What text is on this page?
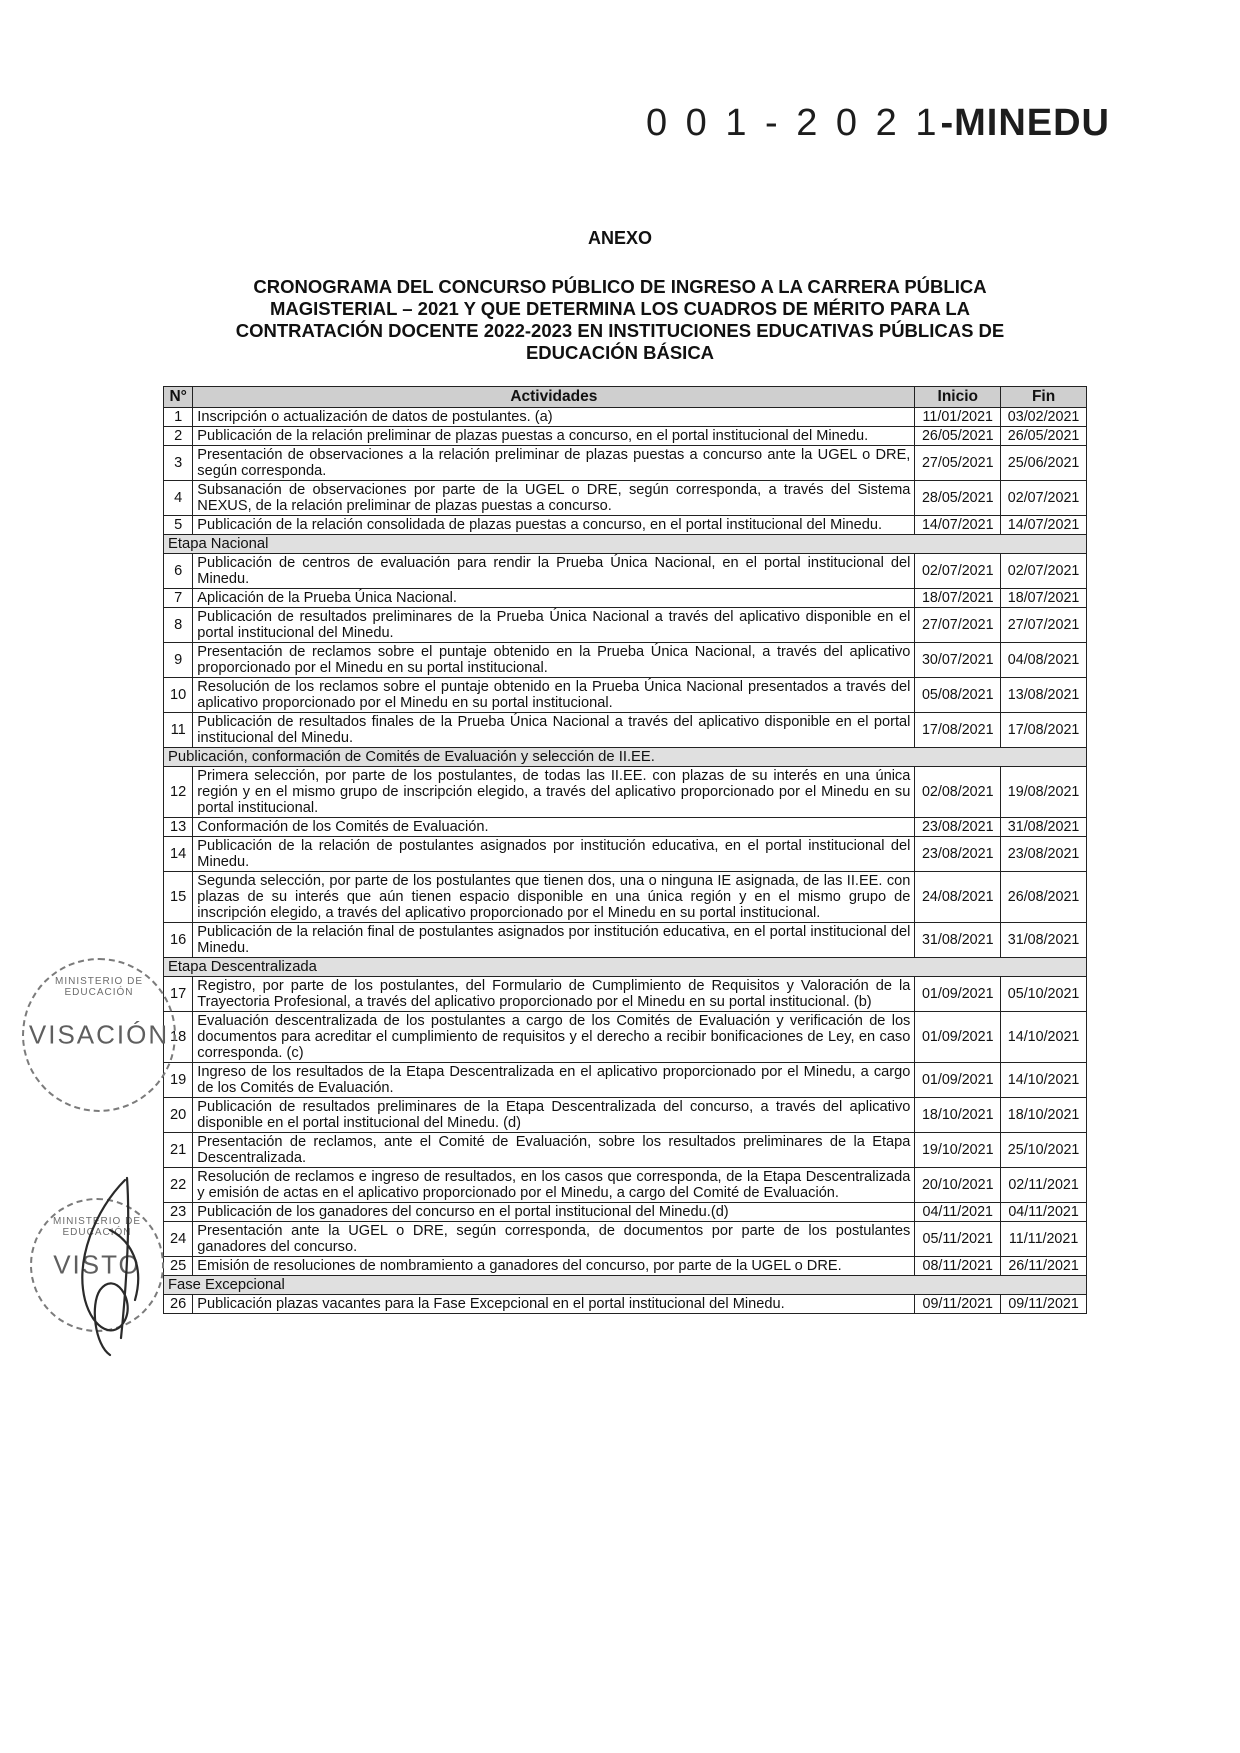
0 0 1 - 2 0 2 1-MINEDU
ANEXO
CRONOGRAMA DEL CONCURSO PÚBLICO DE INGRESO A LA CARRERA PÚBLICA MAGISTERIAL – 2021 Y QUE DETERMINA LOS CUADROS DE MÉRITO PARA LA CONTRATACIÓN DOCENTE 2022-2023 EN INSTITUCIONES EDUCATIVAS PÚBLICAS DE EDUCACIÓN BÁSICA
N°	Actividades	Inicio	Fin
1	Inscripción o actualización de datos de postulantes. (a)	11/01/2021	03/02/2021
2	Publicación de la relación preliminar de plazas puestas a concurso, en el portal institucional del Minedu.	26/05/2021	26/05/2021
3	Presentación de observaciones a la relación preliminar de plazas puestas a concurso ante la UGEL o DRE, según corresponda.	27/05/2021	25/06/2021
4	Subsanación de observaciones por parte de la UGEL o DRE, según corresponda, a través del Sistema NEXUS, de la relación preliminar de plazas puestas a concurso.	28/05/2021	02/07/2021
5	Publicación de la relación consolidada de plazas puestas a concurso, en el portal institucional del Minedu.	14/07/2021	14/07/2021
Etapa Nacional			
6	Publicación de centros de evaluación para rendir la Prueba Única Nacional, en el portal institucional del Minedu.	02/07/2021	02/07/2021
7	Aplicación de la Prueba Única Nacional.	18/07/2021	18/07/2021
8	Publicación de resultados preliminares de la Prueba Única Nacional a través del aplicativo disponible en el portal institucional del Minedu.	27/07/2021	27/07/2021
9	Presentación de reclamos sobre el puntaje obtenido en la Prueba Única Nacional, a través del aplicativo proporcionado por el Minedu en su portal institucional.	30/07/2021	04/08/2021
10	Resolución de los reclamos sobre el puntaje obtenido en la Prueba Única Nacional presentados a través del aplicativo proporcionado por el Minedu en su portal institucional.	05/08/2021	13/08/2021
11	Publicación de resultados finales de la Prueba Única Nacional a través del aplicativo disponible en el portal institucional del Minedu.	17/08/2021	17/08/2021
Publicación, conformación de Comités de Evaluación y selección de II.EE.			
12	Primera selección, por parte de los postulantes, de todas las II.EE. con plazas de su interés en una única región y en el mismo grupo de inscripción elegido, a través del aplicativo proporcionado por el Minedu en su portal institucional.	02/08/2021	19/08/2021
13	Conformación de los Comités de Evaluación.	23/08/2021	31/08/2021
14	Publicación de la relación de postulantes asignados por institución educativa, en el portal institucional del Minedu.	23/08/2021	23/08/2021
15	Segunda selección, por parte de los postulantes que tienen dos, una o ninguna IE asignada, de las II.EE. con plazas de su interés que aún tienen espacio disponible en una única región y en el mismo grupo de inscripción elegido, a través del aplicativo proporcionado por el Minedu en su portal institucional.	24/08/2021	26/08/2021
16	Publicación de la relación final de postulantes asignados por institución educativa, en el portal institucional del Minedu.	31/08/2021	31/08/2021
Etapa Descentralizada			
17	Registro, por parte de los postulantes, del Formulario de Cumplimiento de Requisitos y Valoración de la Trayectoria Profesional, a través del aplicativo proporcionado por el Minedu en su portal institucional. (b)	01/09/2021	05/10/2021
18	Evaluación descentralizada de los postulantes a cargo de los Comités de Evaluación y verificación de los documentos para acreditar el cumplimiento de requisitos y el derecho a recibir bonificaciones de Ley, en caso corresponda. (c)	01/09/2021	14/10/2021
19	Ingreso de los resultados de la Etapa Descentralizada en el aplicativo proporcionado por el Minedu, a cargo de los Comités de Evaluación.	01/09/2021	14/10/2021
20	Publicación de resultados preliminares de la Etapa Descentralizada del concurso, a través del aplicativo disponible en el portal institucional del Minedu. (d)	18/10/2021	18/10/2021
21	Presentación de reclamos, ante el Comité de Evaluación, sobre los resultados preliminares de la Etapa Descentralizada.	19/10/2021	25/10/2021
22	Resolución de reclamos e ingreso de resultados, en los casos que corresponda, de la Etapa Descentralizada y emisión de actas en el aplicativo proporcionado por el Minedu, a cargo del Comité de Evaluación.	20/10/2021	02/11/2021
23	Publicación de los ganadores del concurso en el portal institucional del Minedu.(d)	04/11/2021	04/11/2021
24	Presentación ante la UGEL o DRE, según corresponda, de documentos por parte de los postulantes ganadores del concurso.	05/11/2021	11/11/2021
25	Emisión de resoluciones de nombramiento a ganadores del concurso, por parte de la UGEL o DRE.	08/11/2021	26/11/2021
Fase Excepcional			
26	Publicación plazas vacantes para la Fase Excepcional en el portal institucional del Minedu.	09/11/2021	09/11/2021
MINISTERIO DE EDUCACIÓN
VISACIÓN
MINISTERIO DE EDUCACIÓN
VISTO
